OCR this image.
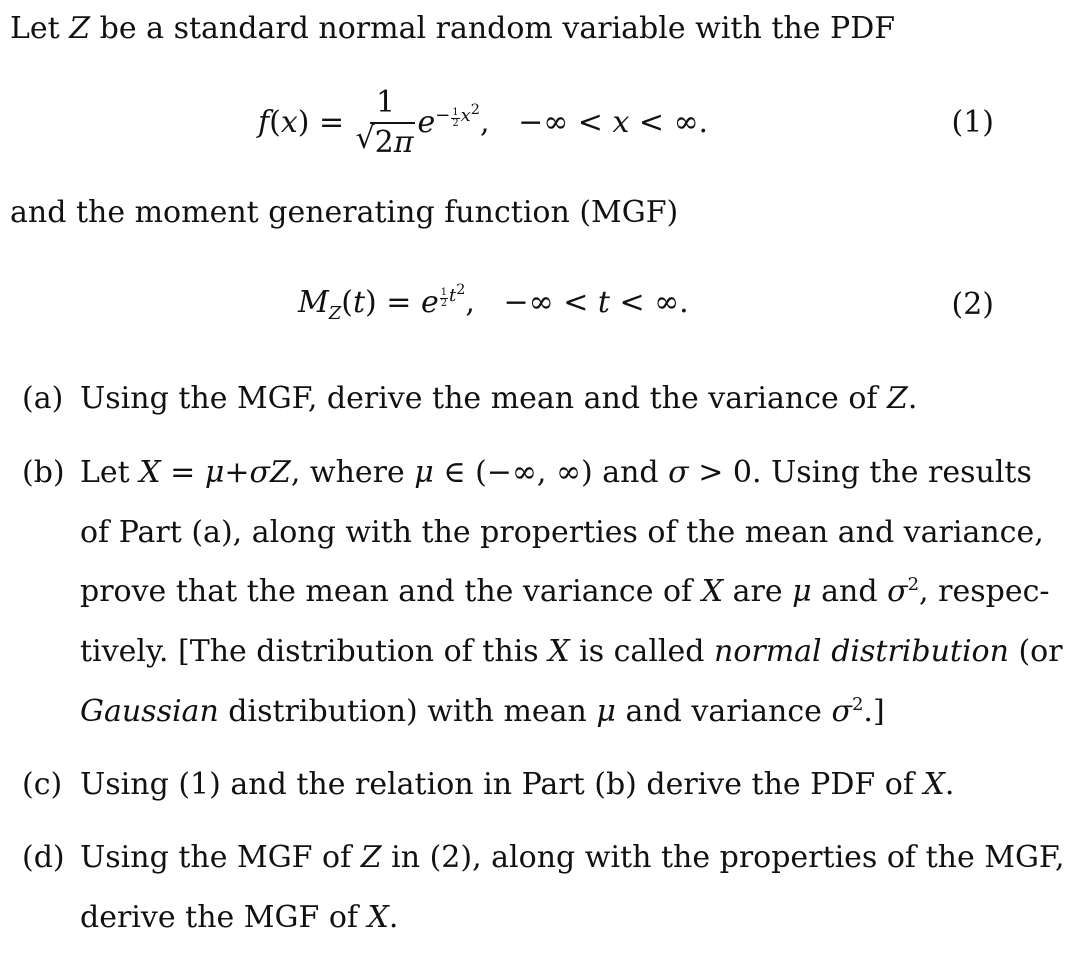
Let Z be a standard normal random variable with the PDF
$f(x) = \frac{1}{√ 2\pi} e^{- \frac{1}{2} x^2}$,   −∞ < x < ∞.	(1)
and the moment generating function (MGF)
$M_Z(t) = e$ $^{\frac{1}{2} t^2}$,   −∞ < t < ∞.	(2)
(a) Using the MGF, derive the mean and the variance of Z.
(b) Let X = μ+σZ, where μ ∈ (−∞, ∞) and σ > 0. Using the results
of Part (a), along with the properties of the mean and variance,
prove that the mean and the variance of X are μ and $\sigma^2$, respec-
tively. [The distribution of this X is called normal distribution (or
Gaussian distribution) with mean μ and variance $\sigma^2$.]
(c) Using (1) and the relation in Part (b) derive the PDF of X.
(d) Using the MGF of Z in (2), along with the properties of the MGF,
derive the MGF of X.
